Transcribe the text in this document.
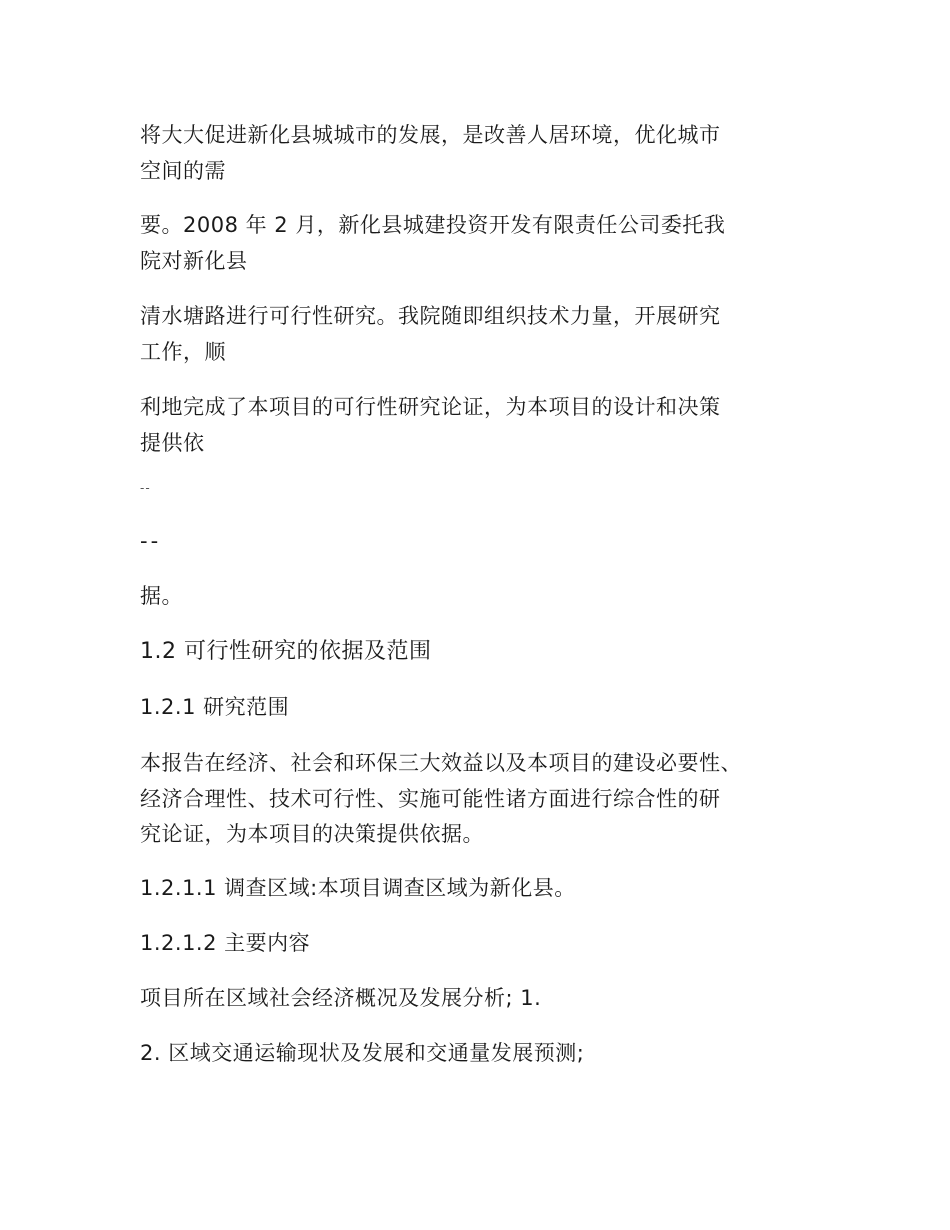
将大大促进新化县城城市的发展，是改善人居环境，优化城市
空间的需
要。2008 年 2 月，新化县城建投资开发有限责任公司委托我
院对新化县
清水塘路进行可行性研究。我院随即组织技术力量，开展研究
工作，顺
利地完成了本项目的可行性研究论证，为本项目的设计和决策
提供依
--
--
据。
1.2 可行性研究的依据及范围
1.2.1 研究范围
本报告在经济、社会和环保三大效益以及本项目的建设必要性、
经济合理性、技术可行性、实施可能性诸方面进行综合性的研
究论证，为本项目的决策提供依据。
1.2.1.1 调查区域:本项目调查区域为新化县。
1.2.1.2 主要内容
项目所在区域社会经济概况及发展分析; 1.
2. 区域交通运输现状及发展和交通量发展预测;
